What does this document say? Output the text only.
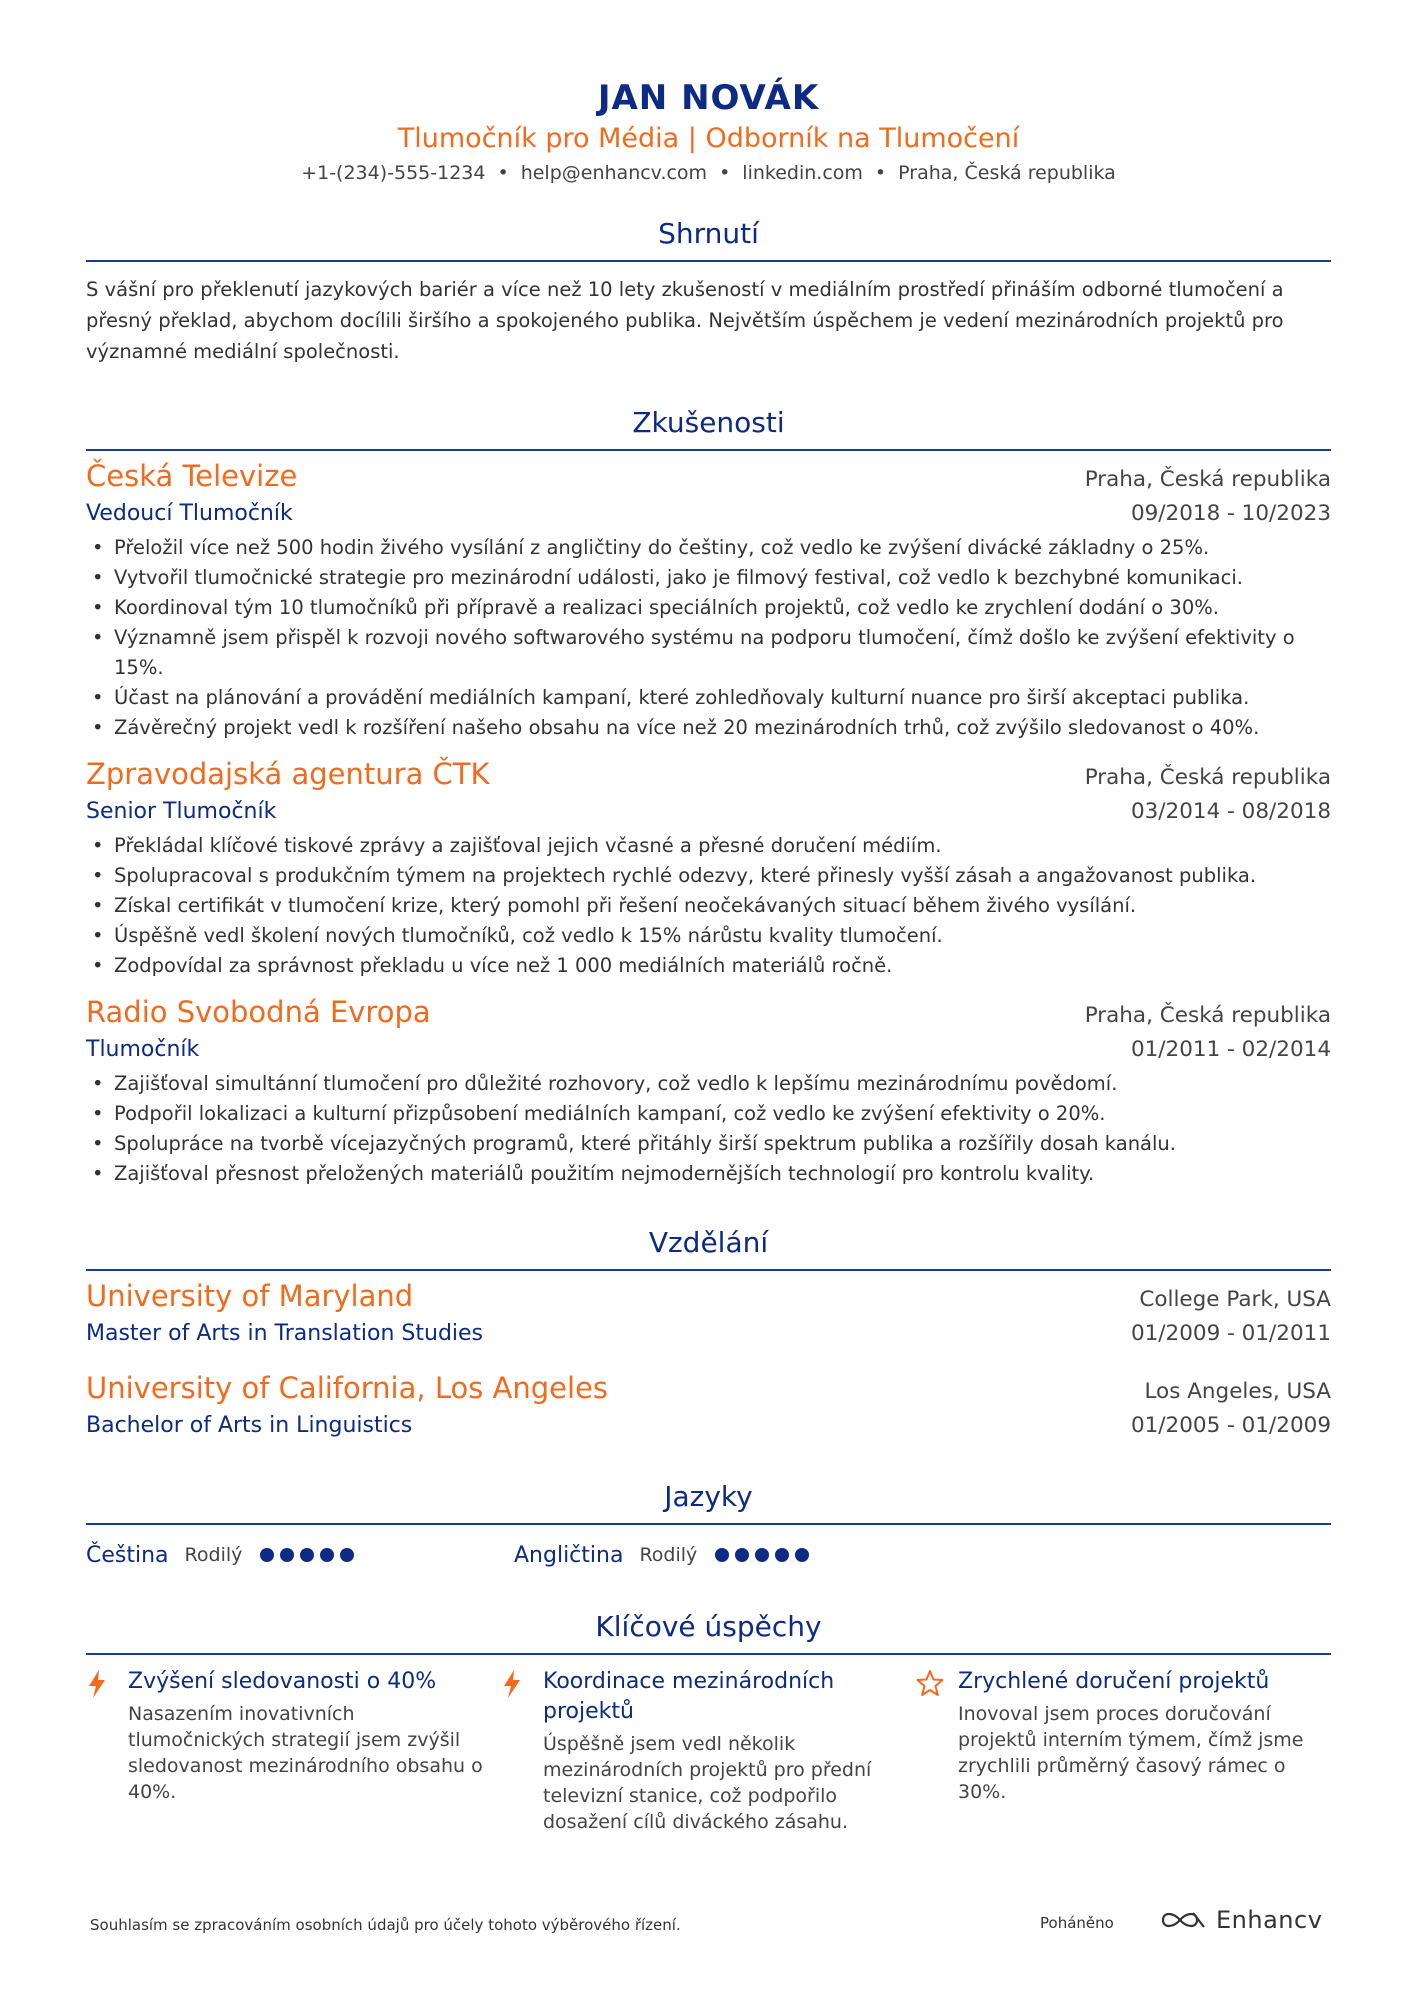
JAN NOVÁK
Tlumočník pro Média | Odborník na Tlumočení
+1-(234)-555-1234 • help@enhancv.com • linkedin.com • Praha, Česká republika
Shrnutí
S vášní pro překlenutí jazykových bariér a více než 10 lety zkušeností v mediálním prostředí přináším odborné tlumočení a přesný překlad, abychom docílili širšího a spokojeného publika. Největším úspěchem je vedení mezinárodních projektů pro významné mediální společnosti.
Zkušenosti
Česká Televize	Praha, Česká republika
Vedoucí Tlumočník	09/2018 - 10/2023
• Přeložil více než 500 hodin živého vysílání z angličtiny do češtiny, což vedlo ke zvýšení divácké základny o 25%.
• Vytvořil tlumočnické strategie pro mezinárodní události, jako je filmový festival, což vedlo k bezchybné komunikaci.
• Koordinoval tým 10 tlumočníků při přípravě a realizaci speciálních projektů, což vedlo ke zrychlení dodání o 30%.
• Významně jsem přispěl k rozvoji nového softwarového systému na podporu tlumočení, čímž došlo ke zvýšení efektivity o 15%.
• Účast na plánování a provádění mediálních kampaní, které zohledňovaly kulturní nuance pro širší akceptaci publika.
• Závěrečný projekt vedl k rozšíření našeho obsahu na více než 20 mezinárodních trhů, což zvýšilo sledovanost o 40%.
Zpravodajská agentura ČTK	Praha, Česká republika
Senior Tlumočník	03/2014 - 08/2018
• Překládal klíčové tiskové zprávy a zajišťoval jejich včasné a přesné doručení médiím.
• Spolupracoval s produkčním týmem na projektech rychlé odezvy, které přinesly vyšší zásah a angažovanost publika.
• Získal certifikát v tlumočení krize, který pomohl při řešení neočekávaných situací během živého vysílání.
• Úspěšně vedl školení nových tlumočníků, což vedlo k 15% nárůstu kvality tlumočení.
• Zodpovídal za správnost překladu u více než 1 000 mediálních materiálů ročně.
Radio Svobodná Evropa	Praha, Česká republika
Tlumočník	01/2011 - 02/2014
• Zajišťoval simultánní tlumočení pro důležité rozhovory, což vedlo k lepšímu mezinárodnímu povědomí.
• Podpořil lokalizaci a kulturní přizpůsobení mediálních kampaní, což vedlo ke zvýšení efektivity o 20%.
• Spolupráce na tvorbě vícejazyčných programů, které přitáhly širší spektrum publika a rozšířily dosah kanálu.
• Zajišťoval přesnost přeložených materiálů použitím nejmodernějších technologií pro kontrolu kvality.
Vzdělání
University of Maryland	College Park, USA
Master of Arts in Translation Studies	01/2009 - 01/2011
University of California, Los Angeles	Los Angeles, USA
Bachelor of Arts in Linguistics	01/2005 - 01/2009
Jazyky
Čeština Rodilý	Angličtina Rodilý
Klíčové úspěchy
Zvýšení sledovanosti o 40%
Nasazením inovativních tlumočnických strategií jsem zvýšil sledovanost mezinárodního obsahu o 40%.
Koordinace mezinárodních projektů
Úspěšně jsem vedl několik mezinárodních projektů pro přední televizní stanice, což podpořilo dosažení cílů diváckého zásahu.
Zrychlené doručení projektů
Inovoval jsem proces doručování projektů interním týmem, čímž jsme zrychlili průměrný časový rámec o 30%.
Souhlasím se zpracováním osobních údajů pro účely tohoto výběrového řízení.	Poháněno	Enhancv
